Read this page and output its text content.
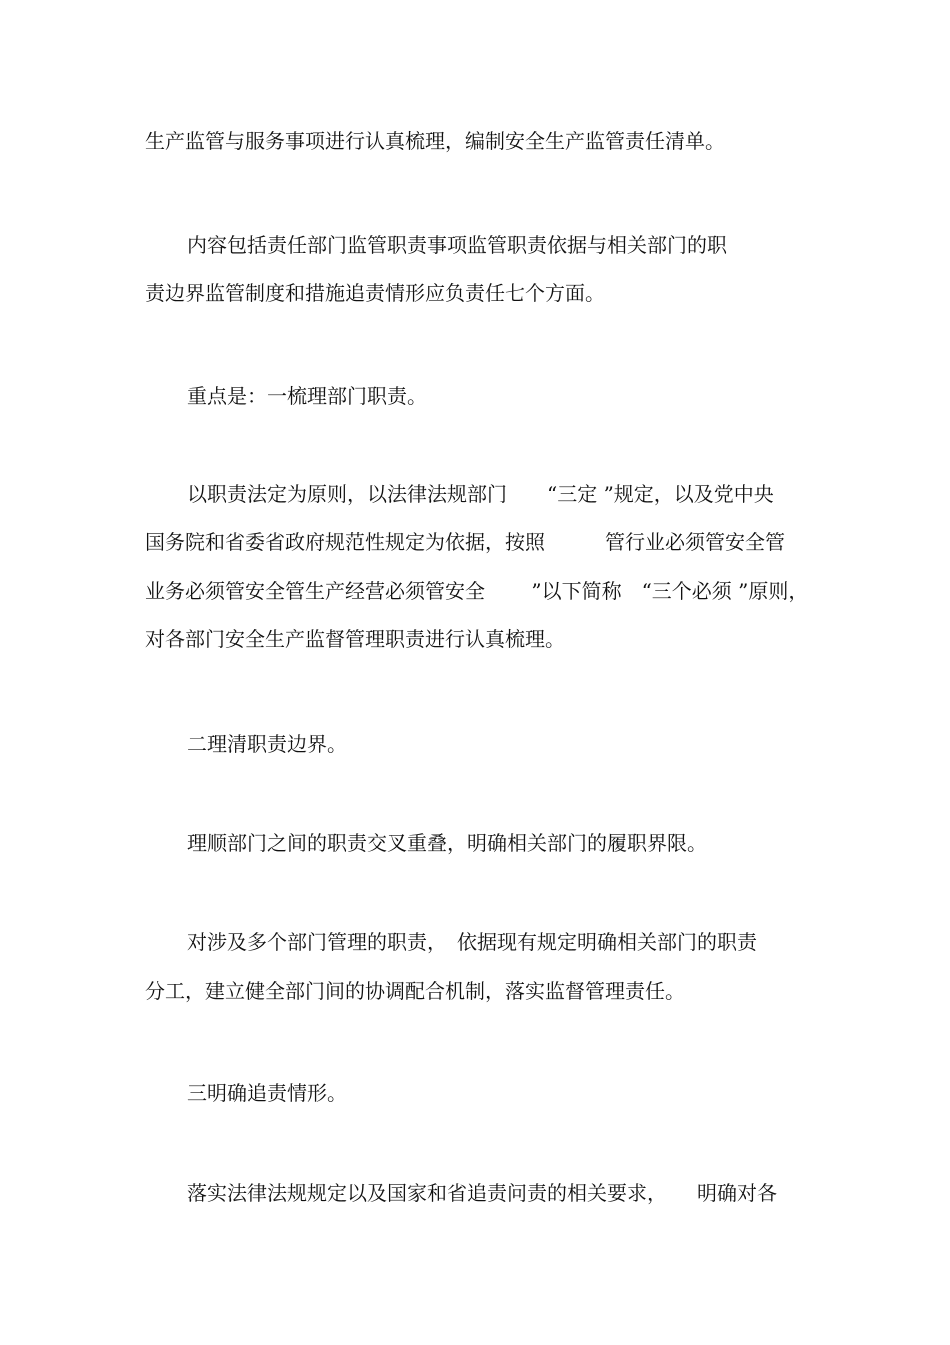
生产监管与服务事项进行认真梳理，编制安全生产监管责任清单。

内容包括责任部门监管职责事项监管职责依据与相关部门的职

责边界监管制度和措施追责情形应负责任七个方面。

重点是：一梳理部门职责。

以职责法定为原则，以法律法规部门　　“三定 ”规定，以及党中央

国务院和省委省政府规范性规定为依据，按照　　　管行业必须管安全管

业务必须管安全管生产经营必须管安全　　 ”以下简称　“三个必须 ”原则，

对各部门安全生产监督管理职责进行认真梳理。

二理清职责边界。

理顺部门之间的职责交叉重叠，明确相关部门的履职界限。

对涉及多个部门管理的职责，　依据现有规定明确相关部门的职责

分工，建立健全部门间的协调配合机制，落实监督管理责任。

三明确追责情形。

落实法律法规规定以及国家和省追责问责的相关要求，　　明确对各
